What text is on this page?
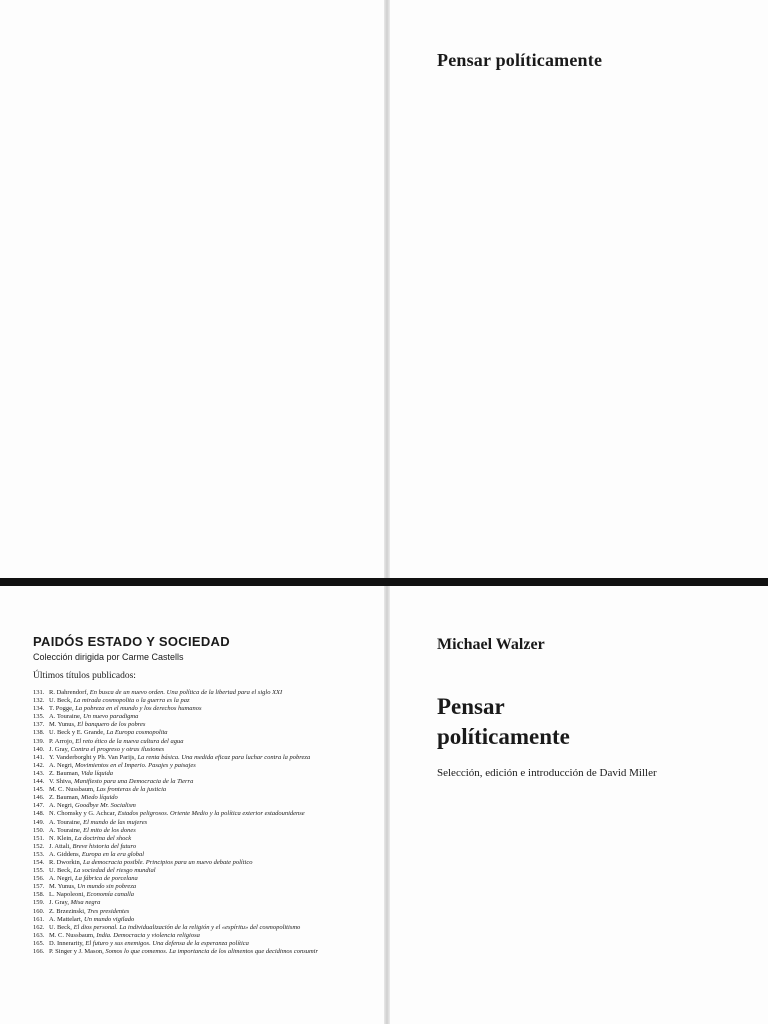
Pensar políticamente
PAIDÓS ESTADO Y SOCIEDAD
Colección dirigida por Carme Castells
Últimos títulos publicados:
131. R. Dahrendorf, En busca de un nuevo orden. Una política de la libertad para el siglo XXI
132. U. Beck, La mirada cosmopolita o la guerra es la paz
134. T. Pogge, La pobreza en el mundo y los derechos humanos
135. A. Touraine, Un nuevo paradigma
137. M. Yunus, El banquero de los pobres
138. U. Beck y E. Grande, La Europa cosmopolita
139. P. Arrojo, El reto ético de la nueva cultura del agua
140. J. Gray, Contra el progreso y otras ilusiones
141. Y. Vanderborght y Ph. Van Parijs, La renta básica. Una medida eficaz para luchar contra la pobreza
142. A. Negri, Movimientos en el Imperio. Pasajes y paisajes
143. Z. Bauman, Vida líquida
144. V. Shiva, Manifiesto para una Democracia de la Tierra
145. M. C. Nussbaum, Las fronteras de la justicia
146. Z. Bauman, Miedo líquido
147. A. Negri, Goodbye Mr. Socialism
148. N. Chomsky y G. Achcar, Estados peligrosos. Oriente Medio y la política exterior estadounidense
149. A. Touraine, El mundo de las mujeres
150. A. Touraine, El mito de los dones
151. N. Klein, La doctrina del shock
152. J. Attali, Breve historia del futuro
153. A. Giddens, Europa en la era global
154. R. Dworkin, La democracia posible. Principios para un nuevo debate político
155. U. Beck, La sociedad del riesgo mundial
156. A. Negri, La fábrica de porcelana
157. M. Yunus, Un mundo sin pobreza
158. L. Napoleoni, Economía canalla
159. J. Gray, Misa negra
160. Z. Brzezinski, Tres presidentes
161. A. Mattelart, Un mundo vigilado
162. U. Beck, El dios personal. La individualización de la religión y el «espíritu» del cosmopolitismo
163. M. C. Nussbaum, India. Democracia y violencia religiosa
165. D. Innerarity, El futuro y sus enemigos. Una defensa de la esperanza política
166. P. Singer y J. Mason, Somos lo que comemos. La importancia de los alimentos que decidimos consumir
Michael Walzer
Pensar
políticamente
Selección, edición e introducción de David Miller
